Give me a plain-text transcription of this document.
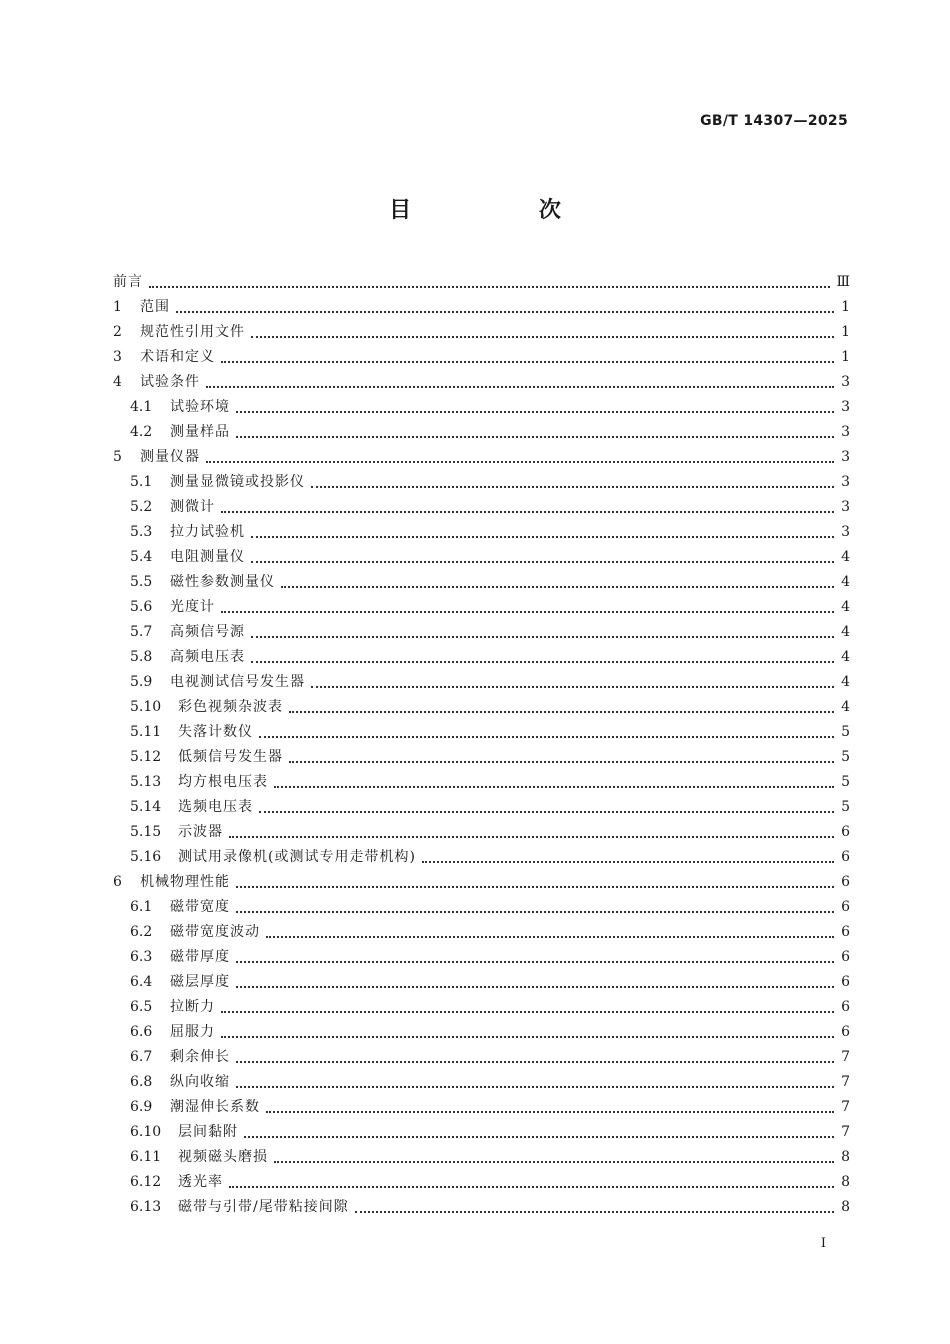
GB/T 14307—2025
目 次
前言	Ⅲ
1	范围	1
2	规范性引用文件	1
3	术语和定义	1
4	试验条件	3
4.1	试验环境	3
4.2	测量样品	3
5	测量仪器	3
5.1	测量显微镜或投影仪	3
5.2	测微计	3
5.3	拉力试验机	3
5.4	电阻测量仪	4
5.5	磁性参数测量仪	4
5.6	光度计	4
5.7	高频信号源	4
5.8	高频电压表	4
5.9	电视测试信号发生器	4
5.10	彩色视频杂波表	4
5.11	失落计数仪	5
5.12	低频信号发生器	5
5.13	均方根电压表	5
5.14	选频电压表	5
5.15	示波器	6
5.16	测试用录像机(或测试专用走带机构)	6
6	机械物理性能	6
6.1	磁带宽度	6
6.2	磁带宽度波动	6
6.3	磁带厚度	6
6.4	磁层厚度	6
6.5	拉断力	6
6.6	屈服力	6
6.7	剩余伸长	7
6.8	纵向收缩	7
6.9	潮湿伸长系数	7
6.10	层间黏附	7
6.11	视频磁头磨损	8
6.12	透光率	8
6.13	磁带与引带/尾带粘接间隙	8
I
